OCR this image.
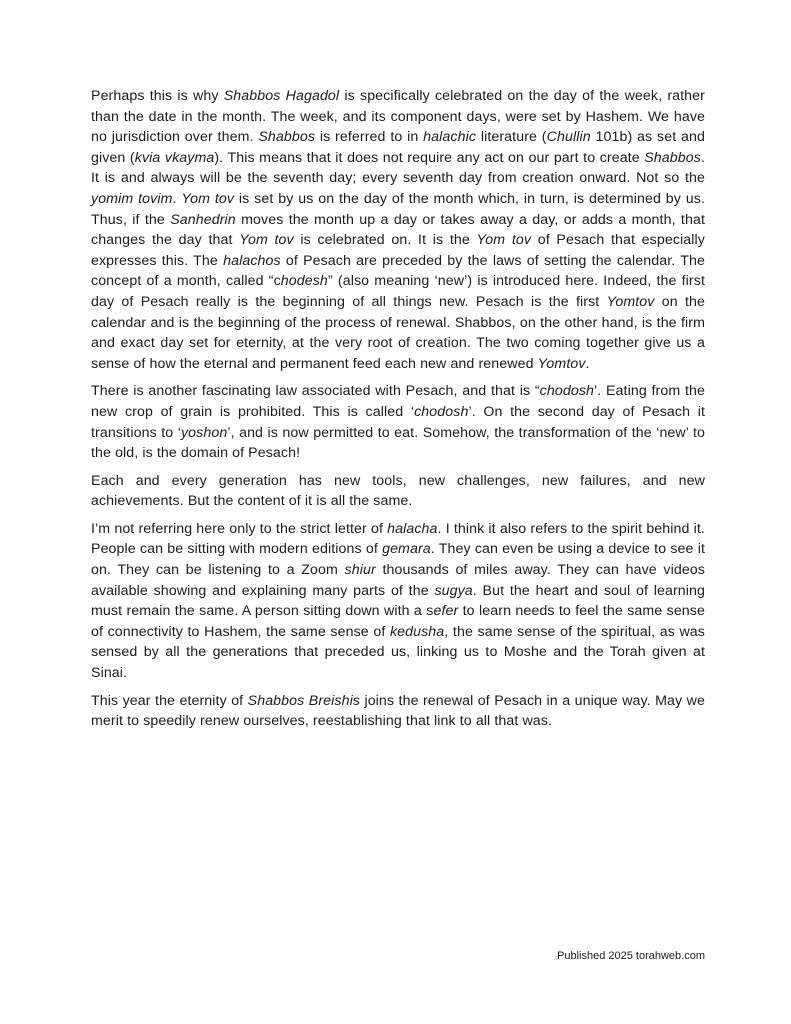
Perhaps this is why Shabbos Hagadol is specifically celebrated on the day of the week, rather than the date in the month. The week, and its component days, were set by Hashem. We have no jurisdiction over them. Shabbos is referred to in halachic literature (Chullin 101b) as set and given (kvia vkayma). This means that it does not require any act on our part to create Shabbos. It is and always will be the seventh day; every seventh day from creation onward. Not so the yomim tovim. Yom tov is set by us on the day of the month which, in turn, is determined by us. Thus, if the Sanhedrin moves the month up a day or takes away a day, or adds a month, that changes the day that Yom tov is celebrated on. It is the Yom tov of Pesach that especially expresses this. The halachos of Pesach are preceded by the laws of setting the calendar. The concept of a month, called “chodesh” (also meaning ‘new’) is introduced here. Indeed, the first day of Pesach really is the beginning of all things new. Pesach is the first Yomtov on the calendar and is the beginning of the process of renewal. Shabbos, on the other hand, is the firm and exact day set for eternity, at the very root of creation. The two coming together give us a sense of how the eternal and permanent feed each new and renewed Yomtov.

There is another fascinating law associated with Pesach, and that is “chodosh’. Eating from the new crop of grain is prohibited. This is called ‘chodosh’. On the second day of Pesach it transitions to ‘yoshon’, and is now permitted to eat. Somehow, the transformation of the ‘new’ to the old, is the domain of Pesach!

Each and every generation has new tools, new challenges, new failures, and new achievements. But the content of it is all the same.

I’m not referring here only to the strict letter of halacha. I think it also refers to the spirit behind it. People can be sitting with modern editions of gemara. They can even be using a device to see it on. They can be listening to a Zoom shiur thousands of miles away. They can have videos available showing and explaining many parts of the sugya. But the heart and soul of learning must remain the same. A person sitting down with a sefer to learn needs to feel the same sense of connectivity to Hashem, the same sense of kedusha, the same sense of the spiritual, as was sensed by all the generations that preceded us, linking us to Moshe and the Torah given at Sinai.

This year the eternity of Shabbos Breishis joins the renewal of Pesach in a unique way. May we merit to speedily renew ourselves, reestablishing that link to all that was.

Published 2025 torahweb.com
